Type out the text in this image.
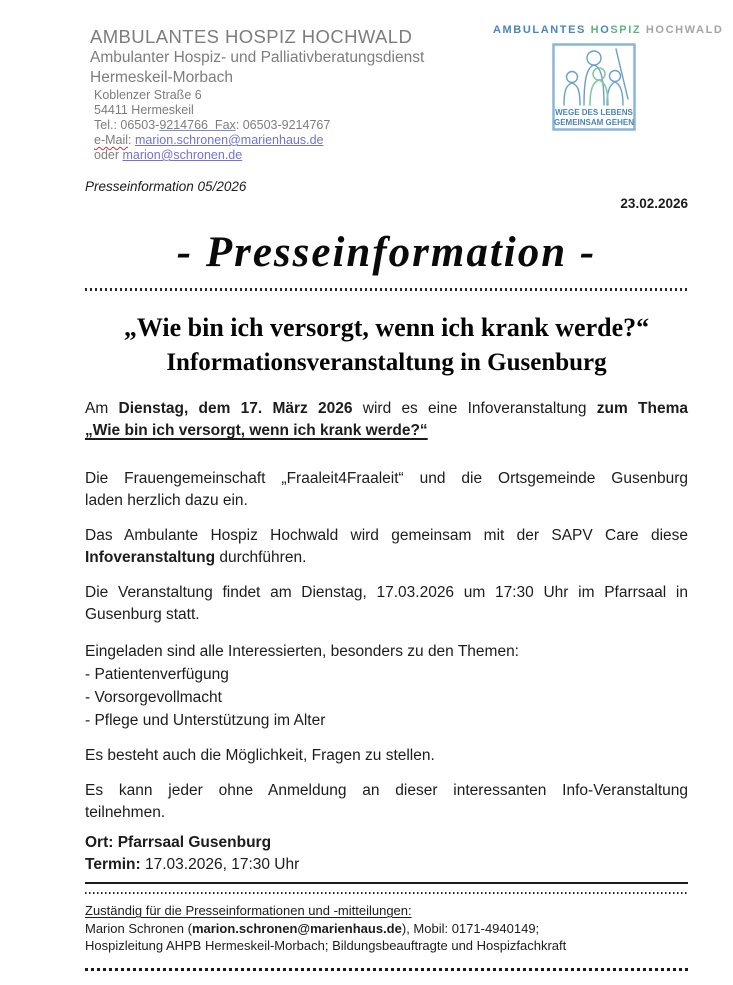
AMBULANTES HOSPIZ HOCHWALD
Ambulanter Hospiz- und Palliativberatungsdienst
Hermeskeil-Morbach
Koblenzer Straße 6
54411 Hermeskeil
Tel.: 06503-9214766  Fax: 06503-9214767
e-Mail: marion.schronen@marienhaus.de
oder marion@schronen.de
AMBULANTES HOSPIZ HOCHWALD
WEGE DES LEBENS
GEMEINSAM GEHEN
Presseinformation 05/2026
23.02.2026
- Presseinformation -
„Wie bin ich versorgt, wenn ich krank werde?“
Informationsveranstaltung in Gusenburg
Am Dienstag, dem 17. März 2026 wird es eine Infoveranstaltung zum Thema
„Wie bin ich versorgt, wenn ich krank werde?“
Die Frauengemeinschaft „Fraaleit4Fraaleit“ und die Ortsgemeinde Gusenburg
laden herzlich dazu ein.
Das Ambulante Hospiz Hochwald wird gemeinsam mit der SAPV Care diese
Infoveranstaltung durchführen.
Die Veranstaltung findet am Dienstag, 17.03.2026 um 17:30 Uhr im Pfarrsaal in
Gusenburg statt.
Eingeladen sind alle Interessierten, besonders zu den Themen:
- Patientenverfügung
- Vorsorgevollmacht
- Pflege und Unterstützung im Alter
Es besteht auch die Möglichkeit, Fragen zu stellen.
Es kann jeder ohne Anmeldung an dieser interessanten Info-Veranstaltung
teilnehmen.
Ort: Pfarrsaal Gusenburg
Termin: 17.03.2026, 17:30 Uhr
Zuständig für die Presseinformationen und -mitteilungen:
Marion Schronen (marion.schronen@marienhaus.de), Mobil: 0171-4940149;
Hospizleitung AHPB Hermeskeil-Morbach; Bildungsbeauftragte und Hospizfachkraft
